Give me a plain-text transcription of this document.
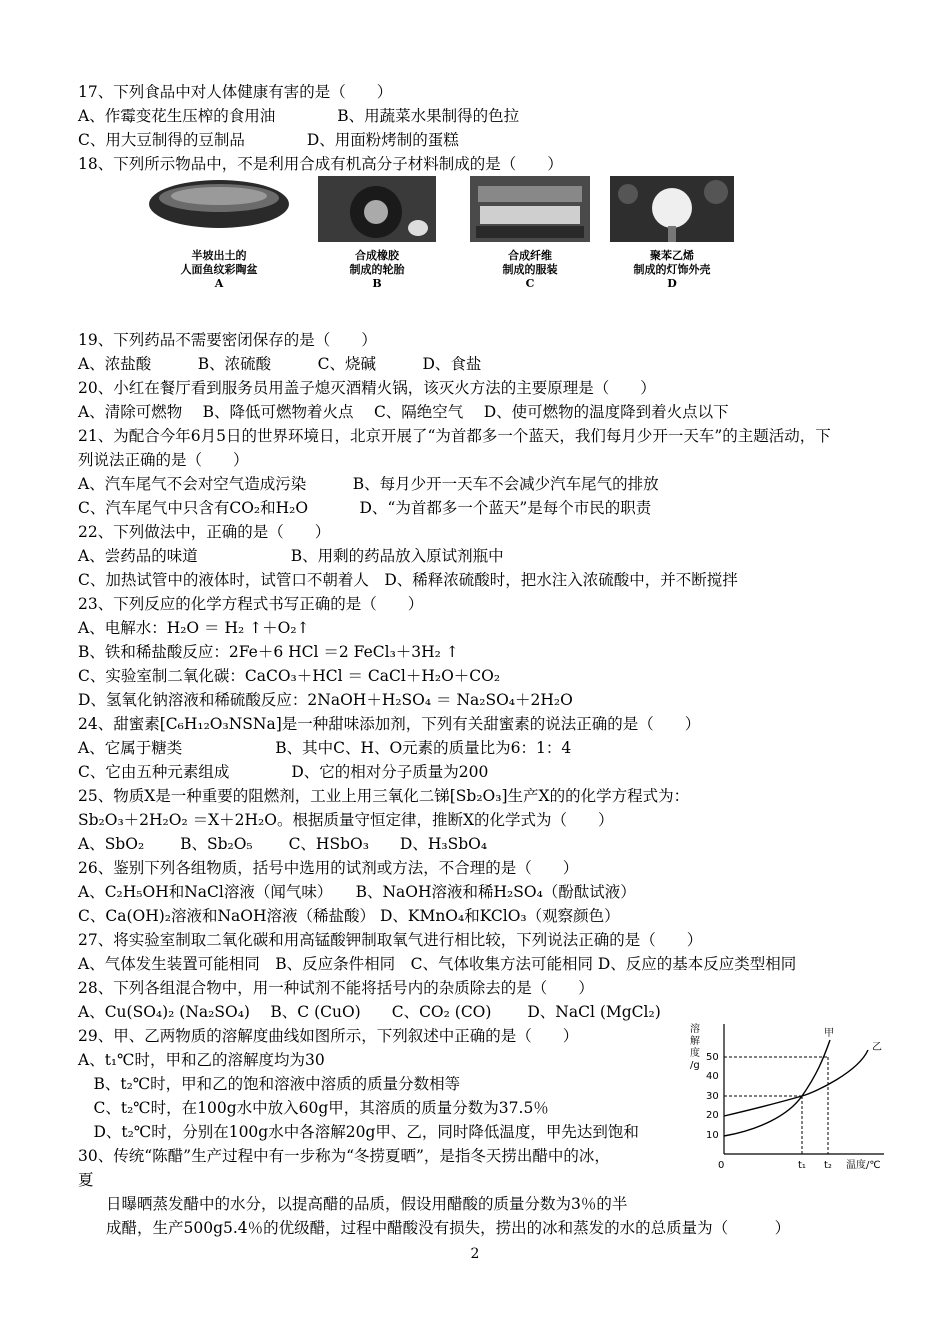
17、下列食品中对人体健康有害的是（　　）
A、作霉变花生压榨的食用油　　　　B、用蔬菜水果制得的色拉
C、用大豆制得的豆制品　　　　D、用面粉烤制的蛋糕
18、下列所示物品中，不是利用合成有机高分子材料制成的是（　　）
19、下列药品不需要密闭保存的是（　　）
A、浓盐酸　　　B、浓硫酸　　　C、烧碱　　　D、食盐
20、小红在餐厅看到服务员用盖子熄灭酒精火锅，该灭火方法的主要原理是（　　）
A、清除可燃物　 B、降低可燃物着火点　 C、隔绝空气　 D、使可燃物的温度降到着火点以下
21、为配合今年6月5日的世界环境日，北京开展了“为首都多一个蓝天，我们每月少开一天车”的主题活动，下
列说法正确的是（　　）
A、汽车尾气不会对空气造成污染　　　B、每月少开一天车不会减少汽车尾气的排放
C、汽车尾气中只含有CO₂和H₂O　　　 D、“为首都多一个蓝天”是每个市民的职责
22、下列做法中，正确的是（　　）
A、尝药品的味道　　　　　　B、用剩的药品放入原试剂瓶中
C、加热试管中的液体时，试管口不朝着人　D、稀释浓硫酸时，把水注入浓硫酸中，并不断搅拌
23、下列反应的化学方程式书写正确的是（　　）
A、电解水：H₂O ＝ H₂ ↑＋O₂↑
B、铁和稀盐酸反应：2Fe＋6 HCl ＝2 FeCl₃＋3H₂ ↑
C、实验室制二氧化碳：CaCO₃＋HCl ＝ CaCl＋H₂O＋CO₂
D、氢氧化钠溶液和稀硫酸反应：2NaOH＋H₂SO₄ ＝ Na₂SO₄＋2H₂O
24、甜蜜素[C₆H₁₂O₃NSNa]是一种甜味添加剂，下列有关甜蜜素的说法正确的是（　　）
A、它属于糖类　　　　　　B、其中C、H、O元素的质量比为6：1：4
C、它由五种元素组成　　　　D、它的相对分子质量为200
25、物质X是一种重要的阻燃剂，工业上用三氧化二锑[Sb₂O₃]生产X的的化学方程式为：
Sb₂O₃＋2H₂O₂ ＝X＋2H₂O。根据质量守恒定律，推断X的化学式为（　　）
A、SbO₂　　 B、Sb₂O₅　　 C、HSbO₃　　D、H₃SbO₄
26、鉴别下列各组物质，括号中选用的试剂或方法，不合理的是（　　）
A、C₂H₅OH和NaCl溶液（闻气味）　　B、NaOH溶液和稀H₂SO₄（酚酞试液）
C、Ca(OH)₂溶液和NaOH溶液（稀盐酸） D、KMnO₄和KClO₃（观察颜色）
27、将实验室制取二氧化碳和用高锰酸钾制取氧气进行相比较，下列说法正确的是（　　）
A、气体发生装置可能相同　B、反应条件相同　C、气体收集方法可能相同 D、反应的基本反应类型相同
28、下列各组混合物中，用一种试剂不能将括号内的杂质除去的是（　　）
A、Cu(SO₄)₂ (Na₂SO₄)　 B、C (CuO)　　C、CO₂ (CO)　　 D、NaCl (MgCl₂)
29、甲、乙两物质的溶解度曲线如图所示，下列叙述中正确的是（　　）
A、t₁℃时，甲和乙的溶解度均为30
　B、t₂℃时，甲和乙的饱和溶液中溶质的质量分数相等
　C、t₂℃时，在100g水中放入60g甲，其溶质的质量分数为37.5％
　D、t₂℃时，分别在100g水中各溶解20g甲、乙，同时降低温度，甲先达到饱和
30、传统“陈醋”生产过程中有一步称为“冬捞夏晒”，是指冬天捞出醋中的冰，
夏
日曝晒蒸发醋中的水分，以提高醋的品质，假设用醋酸的质量分数为3％的半
成醋，生产500g5.4％的优级醋，过程中醋酸没有损失，捞出的冰和蒸发的水的总质量为（　　　）
半坡出土的
人面鱼纹彩陶盆
A
合成橡胶
制成的轮胎
B
合成纤维
制成的服装
C
聚苯乙烯
制成的灯饰外壳
D
溶
解
度
/g
50
40
30
20
10
甲
乙
0	t₁ t₂ 温度/℃
2
